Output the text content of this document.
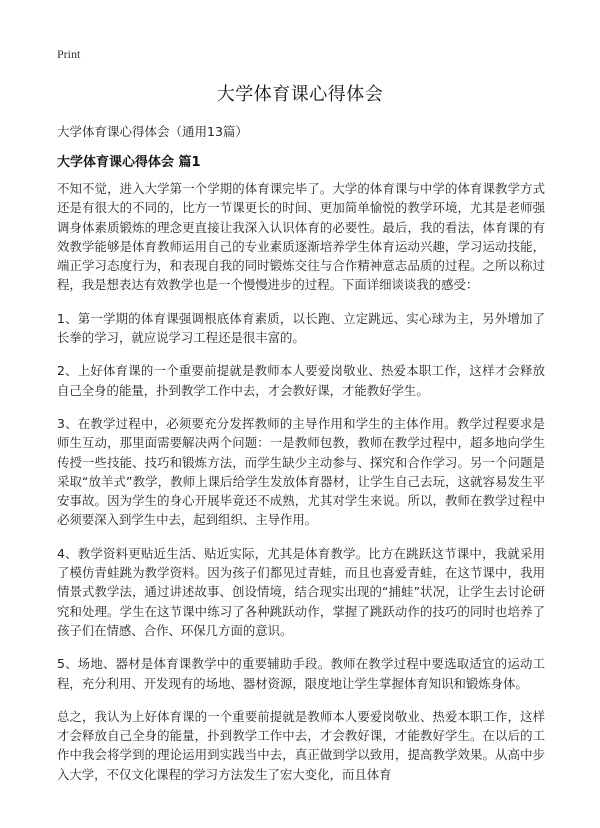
Print
大学体育课心得体会

大学体育课心得体会（通用13篇）

大学体育课心得体会 篇1

不知不觉，进入大学第一个学期的体育课完毕了。大学的体育课与中学的体育课教学方式还是有很大的不同的，比方一节课更长的时间、更加简单愉悦的教学环境，尤其是老师强调身体素质锻炼的理念更直接让我深入认识体育的必要性。最后，我的看法，体育课的有效教学能够是体育教师运用自己的专业素质逐渐培养学生体育运动兴趣，学习运动技能，端正学习态度行为，和表现自我的同时锻炼交往与合作精神意志品质的过程。之所以称过程，我是想表达有效教学也是一个慢慢进步的过程。下面详细谈谈我的感受：

1、第一学期的体育课强调根底体育素质，以长跑、立定跳远、实心球为主，另外增加了长拳的学习，就应说学习工程还是很丰富的。

2、上好体育课的一个重要前提就是教师本人要爱岗敬业、热爱本职工作，这样才会释放自己全身的能量，扑到教学工作中去，才会教好课，才能教好学生。

3、在教学过程中，必须要充分发挥教师的主导作用和学生的主体作用。教学过程要求是师生互动，那里面需要解决两个问题：一是教师包教，教师在教学过程中，超多地向学生传授一些技能、技巧和锻炼方法，而学生缺少主动参与、探究和合作学习。另一个问题是采取“放羊式”教学，教师上课后给学生发放体育器材，让学生自己去玩，这就容易发生平安事故。因为学生的身心开展毕竟还不成熟，尤其对学生来说。所以，教师在教学过程中必须要深入到学生中去，起到组织、主导作用。

4、教学资料更贴近生活、贴近实际，尤其是体育教学。比方在跳跃这节课中，我就采用了模仿青蛙跳为教学资料。因为孩子们都见过青蛙，而且也喜爱青蛙，在这节课中，我用情景式教学法，通过讲述故事、创设情境，结合现实出现的“捕蛙”状况，让学生去讨论研究和处理。学生在这节课中练习了各种跳跃动作，掌握了跳跃动作的技巧的同时也培养了孩子们在情感、合作、环保几方面的意识。

5、场地、器材是体育课教学中的重要辅助手段。教师在教学过程中要选取适宜的运动工程，充分利用、开发现有的场地、器材资源，限度地让学生掌握体育知识和锻炼身体。

总之，我认为上好体育课的一个重要前提就是教师本人要爱岗敬业、热爱本职工作，这样才会释放自己全身的能量，扑到教学工作中去，才会教好课，才能教好学生。在以后的工作中我会将学到的理论运用到实践当中去，真正做到学以致用，提高教学效果。从高中步入大学，不仅文化课程的学习方法发生了宏大变化，而且体育
